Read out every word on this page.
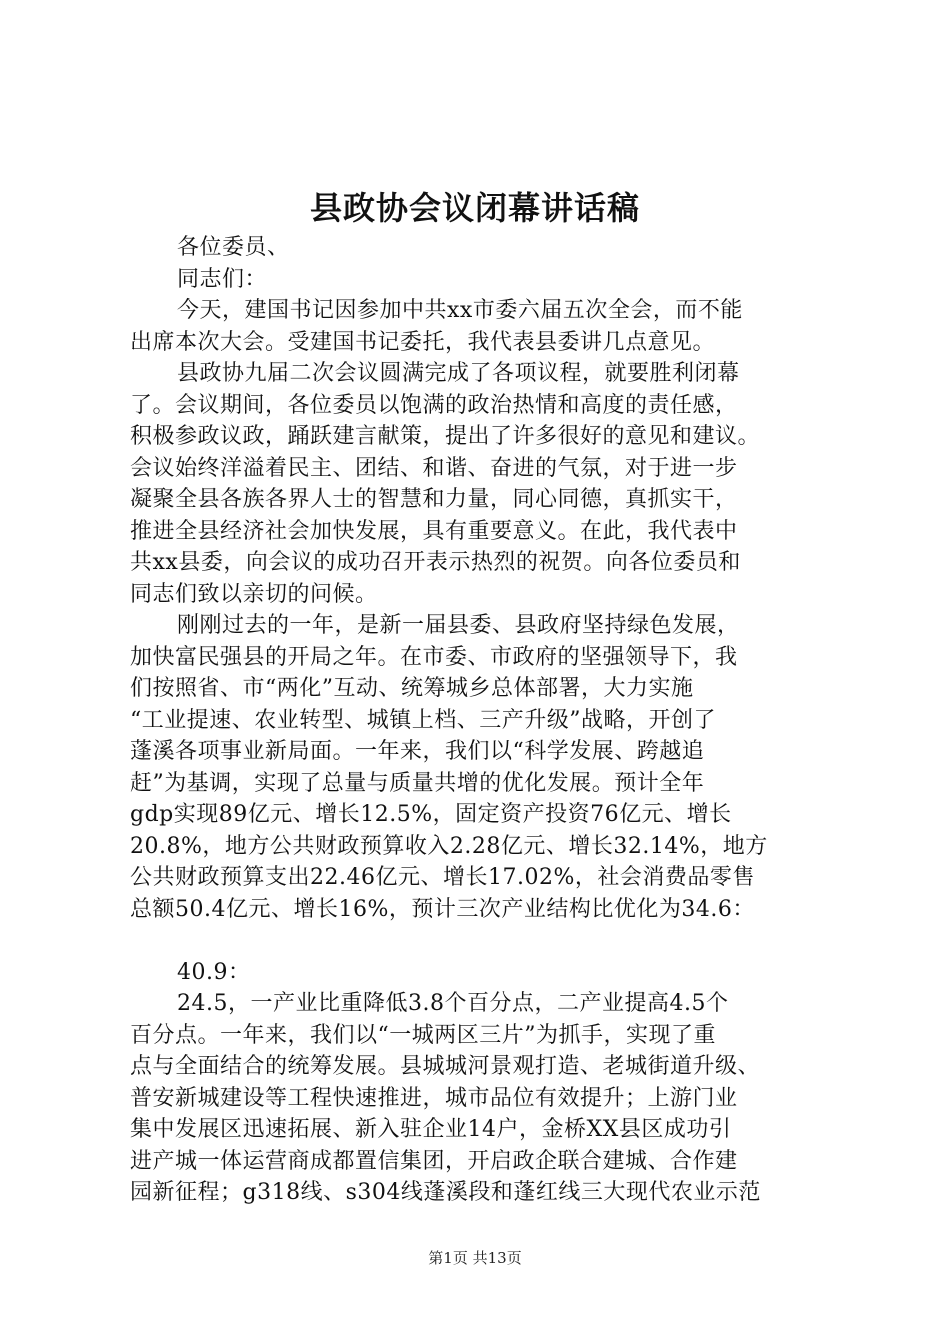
县政协会议闭幕讲话稿
各位委员、
同志们：
今天，建国书记因参加中共xx市委六届五次全会，而不能
出席本次大会。受建国书记委托，我代表县委讲几点意见。
县政协九届二次会议圆满完成了各项议程，就要胜利闭幕
了。会议期间，各位委员以饱满的政治热情和高度的责任感，
积极参政议政，踊跃建言献策，提出了许多很好的意见和建议。
会议始终洋溢着民主、团结、和谐、奋进的气氛，对于进一步
凝聚全县各族各界人士的智慧和力量，同心同德，真抓实干，
推进全县经济社会加快发展，具有重要意义。在此，我代表中
共xx县委，向会议的成功召开表示热烈的祝贺。向各位委员和
同志们致以亲切的问候。
刚刚过去的一年，是新一届县委、县政府坚持绿色发展，
加快富民强县的开局之年。在市委、市政府的坚强领导下，我
们按照省、市“两化”互动、统筹城乡总体部署，大力实施
“工业提速、农业转型、城镇上档、三产升级”战略，开创了
蓬溪各项事业新局面。一年来，我们以“科学发展、跨越追
赶”为基调，实现了总量与质量共增的优化发展。预计全年
gdp实现89亿元、增长12.5%，固定资产投资76亿元、增长
20.8%，地方公共财政预算收入2.28亿元、增长32.14%，地方
公共财政预算支出22.46亿元、增长17.02%，社会消费品零售
总额50.4亿元、增长16%，预计三次产业结构比优化为34.6：
40.9：
24.5，一产业比重降低3.8个百分点，二产业提高4.5个
百分点。一年来，我们以“一城两区三片”为抓手，实现了重
点与全面结合的统筹发展。县城城河景观打造、老城街道升级、
普安新城建设等工程快速推进，城市品位有效提升；上游门业
集中发展区迅速拓展、新入驻企业14户，金桥XX县区成功引
进产城一体运营商成都置信集团，开启政企联合建城、合作建
园新征程；g318线、s304线蓬溪段和蓬红线三大现代农业示范
第1页 共13页
